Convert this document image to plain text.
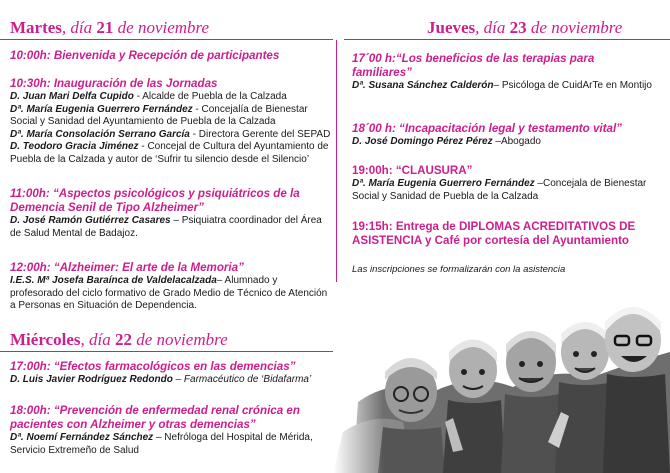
Martes, día 21 de noviembre	Jueves, día 23 de noviembre

10:00h: Bienvenida y Recepción de participantes

10:30h: Inauguración de las Jornadas

D. Juan Mari Delfa Cupido - Alcalde de Puebla de la Calzada

Dª. María Eugenia Guerrero Fernández - Concejalía de Bienestar Social y Sanidad del Ayuntamiento de Puebla de la Calzada

Dª. María Consolación Serrano García - Directora Gerente del SEPAD

D. Teodoro Gracia Jiménez - Concejal de Cultura del Ayuntamiento de Puebla de la Calzada y autor de ‘Sufrir tu silencio desde el Silencio’

11:00h: “Aspectos psicológicos y psiquiátricos de la Demencia Senil de Tipo Alzheimer”

D. José Ramón Gutiérrez Casares – Psiquiatra coordinador del Área de Salud Mental de Badajoz.

12:00h: “Alzheimer: El arte de la Memoria”

I.E.S. Mª Josefa Baraínca de Valdelacalzada– Alumnado y profesorado del ciclo formativo de Grado Medio de Técnico de Atención a Personas en Situación de Dependencia.

Miércoles, día 22 de noviembre

17:00h: “Efectos farmacológicos en las demencias”

D. Luis Javier Rodríguez Redondo – Farmacéutico de ‘Bidafarma’

18:00h: “Prevención de enfermedad renal crónica en pacientes con Alzheimer y otras demencias”

Dª. Noemí Fernández Sánchez – Nefróloga del Hospital de Mérida, Servicio Extremeño de Salud

17´00 h:“Los beneficios de las terapias para familiares”

Dª. Susana Sánchez Calderón– Psicóloga de CuidArTe en Montijo

18´00 h: “Incapacitación legal y testamento vital”

D. José Domingo Pérez Pérez –Abogado

19:00h: “CLAUSURA”

Dª. María Eugenia Guerrero Fernández –Concejala de Bienestar Social y Sanidad de Puebla de la Calzada

19:15h: Entrega de DIPLOMAS ACREDITATIVOS DE ASISTENCIA y Café por cortesía del Ayuntamiento

Las inscripciones se formalizarán con la asistencia
